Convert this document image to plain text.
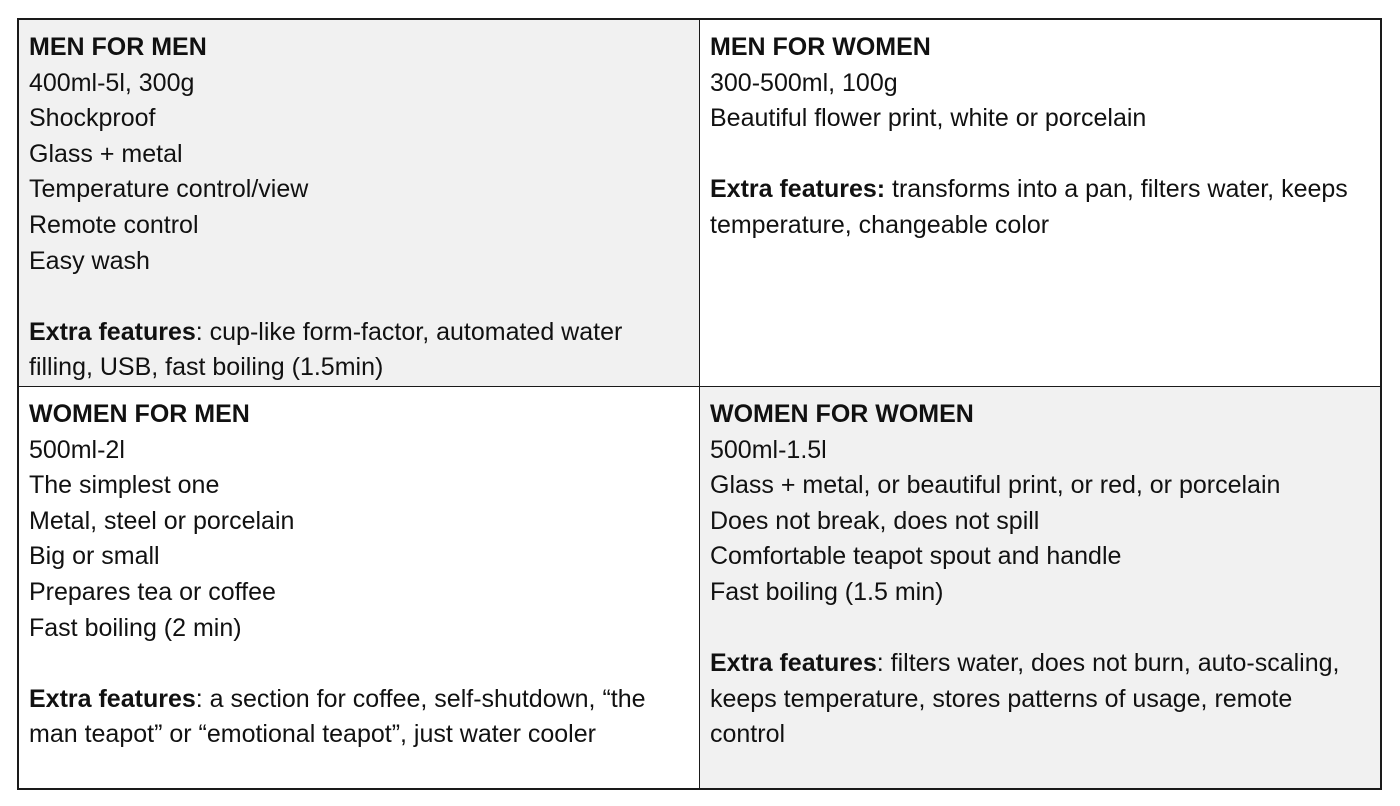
MEN FOR MEN
400ml-5l, 300g
Shockproof
Glass + metal
Temperature control/view
Remote control
Easy wash
Extra features: cup-like form-factor, automated water filling, USB, fast boiling (1.5min)
MEN FOR WOMEN
300-500ml, 100g
Beautiful flower print, white or porcelain
Extra features: transforms into a pan, filters water, keeps temperature, changeable color
WOMEN FOR MEN
500ml-2l
The simplest one
Metal, steel or porcelain
Big or small
Prepares tea or coffee
Fast boiling (2 min)
Extra features: a section for coffee, self-shutdown, “the man teapot” or “emotional teapot”, just water cooler
WOMEN FOR WOMEN
500ml-1.5l
Glass + metal, or beautiful print, or red, or porcelain
Does not break, does not spill
Comfortable teapot spout and handle
Fast boiling (1.5 min)
Extra features: filters water, does not burn, auto-scaling, keeps temperature, stores patterns of usage, remote control
